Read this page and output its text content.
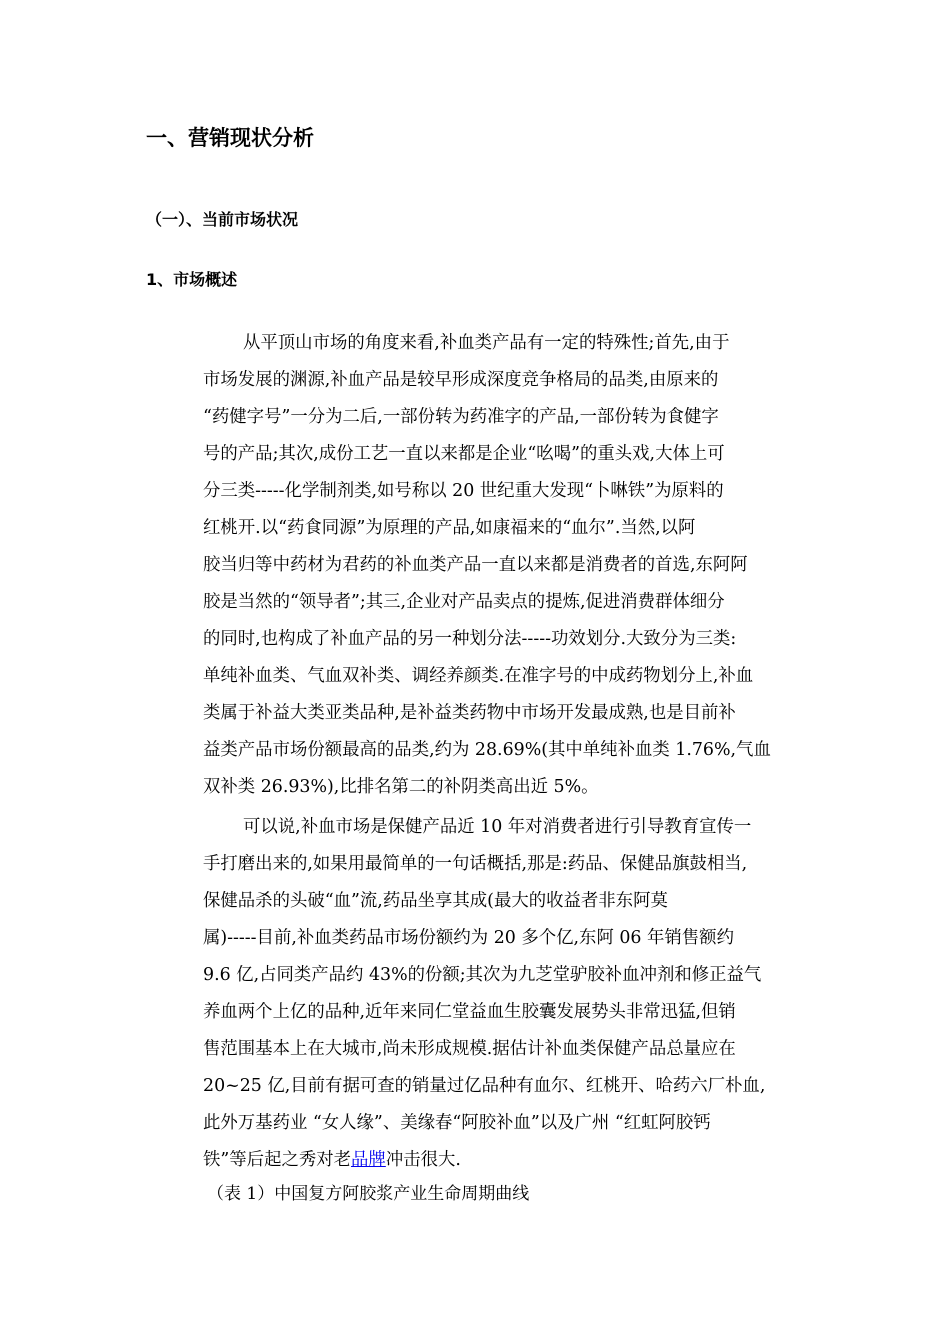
一、营销现状分析
（一）、当前市场状况
1、市场概述
从平顶山市场的角度来看,补血类产品有一定的特殊性;首先,由于
市场发展的渊源,补血产品是较早形成深度竞争格局的品类,由原来的
“药健字号”一分为二后,一部份转为药准字的产品,一部份转为食健字
号的产品;其次,成份工艺一直以来都是企业“吆喝”的重头戏,大体上可
分三类-----化学制剂类,如号称以 20 世纪重大发现“卜啉铁”为原料的
红桃开.以“药食同源”为原理的产品,如康福来的“血尔”.当然,以阿
胶当归等中药材为君药的补血类产品一直以来都是消费者的首选,东阿阿
胶是当然的“领导者”;其三,企业对产品卖点的提炼,促进消费群体细分
的同时,也构成了补血产品的另一种划分法-----功效划分.大致分为三类:
单纯补血类、气血双补类、调经养颜类.在准字号的中成药物划分上,补血
类属于补益大类亚类品种,是补益类药物中市场开发最成熟,也是目前补
益类产品市场份额最高的品类,约为 28.69%(其中单纯补血类 1.76%,气血
双补类 26.93%),比排名第二的补阴类高出近 5%。
可以说,补血市场是保健产品近 10 年对消费者进行引导教育宣传一
手打磨出来的,如果用最简单的一句话概括,那是:药品、保健品旗鼓相当,
保健品杀的头破“血”流,药品坐享其成(最大的收益者非东阿莫
属)-----目前,补血类药品市场份额约为 20 多个亿,东阿 06 年销售额约
9.6 亿,占同类产品约 43%的份额;其次为九芝堂驴胶补血冲剂和修正益气
养血两个上亿的品种,近年来同仁堂益血生胶囊发展势头非常迅猛,但销
售范围基本上在大城市,尚未形成规模.据估计补血类保健产品总量应在
20~25 亿,目前有据可查的销量过亿品种有血尔、红桃开、哈药六厂朴血,
此外万基药业 “女人缘”、美缘春“阿胶补血”以及广州 “红虹阿胶钙
铁”等后起之秀对老品牌冲击很大.
（表 1）中国复方阿胶浆产业生命周期曲线
